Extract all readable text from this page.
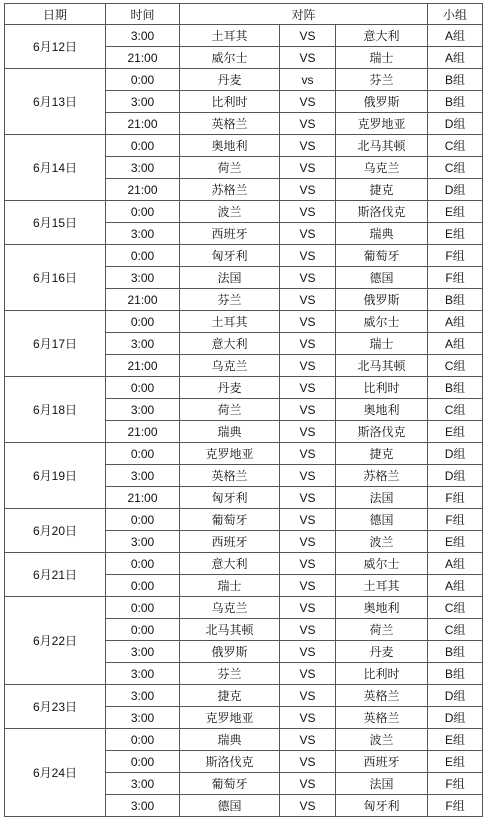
日期	时间	对阵			小组
6月12日	3:00	土耳其	VS	意大利	A组
	21:00	威尔士	VS	瑞士	A组
6月13日	0:00	丹麦	vs	芬兰	B组
	3:00	比利时	VS	俄罗斯	B组
	21:00	英格兰	VS	克罗地亚	D组
6月14日	0:00	奥地利	VS	北马其顿	C组
	3:00	荷兰	VS	乌克兰	C组
	21:00	苏格兰	VS	捷克	D组
6月15日	0:00	波兰	VS	斯洛伐克	E组
	3:00	西班牙	VS	瑞典	E组
6月16日	0:00	匈牙利	VS	葡萄牙	F组
	3:00	法国	VS	德国	F组
	21:00	芬兰	VS	俄罗斯	B组
6月17日	0:00	土耳其	VS	威尔士	A组
	3:00	意大利	VS	瑞士	A组
	21:00	乌克兰	VS	北马其顿	C组
6月18日	0:00	丹麦	VS	比利时	B组
	3:00	荷兰	VS	奥地利	C组
	21:00	瑞典	VS	斯洛伐克	E组
6月19日	0:00	克罗地亚	VS	捷克	D组
	3:00	英格兰	VS	苏格兰	D组
	21:00	匈牙利	VS	法国	F组
6月20日	0:00	葡萄牙	VS	德国	F组
	3:00	西班牙	VS	波兰	E组
6月21日	0:00	意大利	VS	威尔士	A组
	0:00	瑞士	VS	土耳其	A组
6月22日	0:00	乌克兰	VS	奥地利	C组
	0:00	北马其顿	VS	荷兰	C组
	3:00	俄罗斯	VS	丹麦	B组
	3:00	芬兰	VS	比利时	B组
6月23日	3:00	捷克	VS	英格兰	D组
	3:00	克罗地亚	VS	英格兰	D组
6月24日	0:00	瑞典	VS	波兰	E组
	0:00	斯洛伐克	VS	西班牙	E组
	3:00	葡萄牙	VS	法国	F组
	3:00	德国	VS	匈牙利	F组
